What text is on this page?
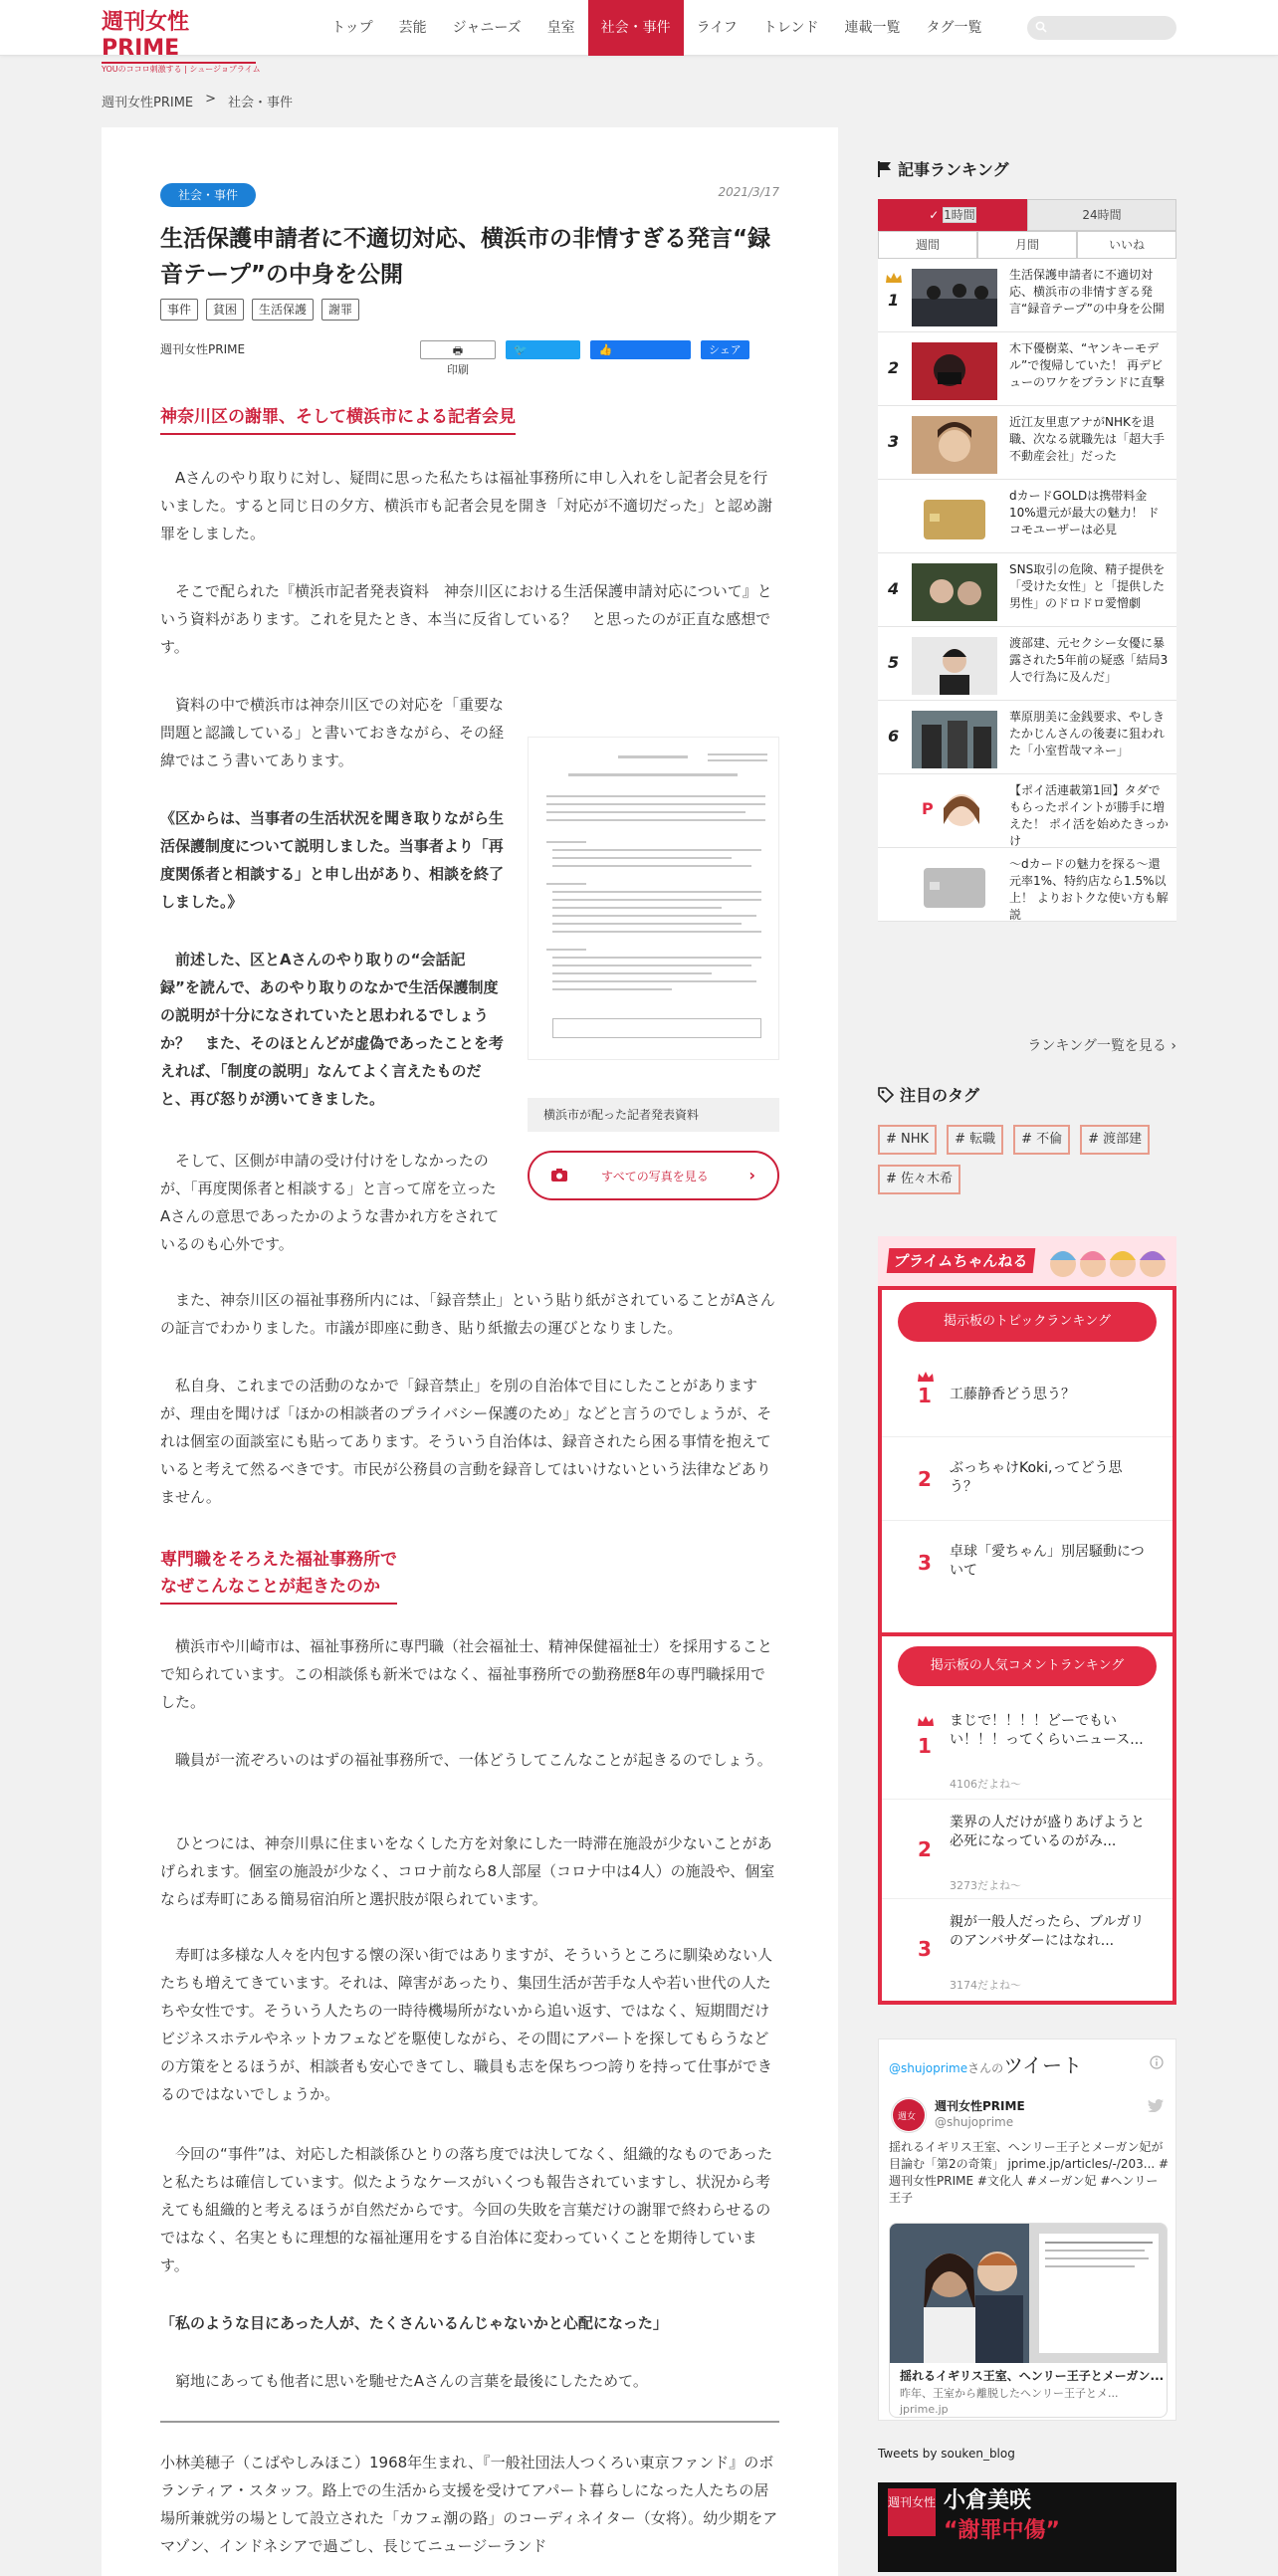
週刊女性PRIME
YOUのココロ刺激する | シュージョプライム
トップ	芸能	ジャニーズ	皇室	社会・事件	ライフ	トレンド	連載一覧	タグ一覧
週刊女性PRIME > 社会・事件
社会・事件	2021/3/17
生活保護申請者に不適切対応、横浜市の非情すぎる発言“録音テープ”の中身を公開
事件	貧困	生活保護	謝罪
週刊女性PRIME	🖶
印刷
🐦
ツイート
👍
いいね！ 288
シェア
神奈川区の謝罪、そして横浜市による記者会見

Aさんのやり取りに対し、疑問に思った私たちは福祉事務所に申し入れをし記者会見を行いました。すると同じ日の夕方、横浜市も記者会見を開き「対応が不適切だった」と認め謝罪をしました。

そこで配られた『横浜市記者発表資料　神奈川区における生活保護申請対応について』という資料があります。これを見たとき、本当に反省している？　と思ったのが正直な感想です。

資料の中で横浜市は神奈川区での対応を「重要な問題と認識している」と書いておきながら、その経緯ではこう書いてあります。

《区からは、当事者の生活状況を聞き取りながら生活保護制度について説明しました。当事者より「再度関係者と相談する」と申し出があり、相談を終了しました。》

前述した、区とAさんのやり取りの“会話記録”を読んで、あのやり取りのなかで生活保護制度の説明が十分になされていたと思われるでしょうか？　また、そのほとんどが虚偽であったことを考えれば、「制度の説明」なんてよく言えたものだと、再び怒りが湧いてきました。

そして、区側が申請の受け付けをしなかったのが、「再度関係者と相談する」と言って席を立ったAさんの意思であったかのような書かれ方をされているのも心外です。

横浜市が配った記者発表資料
すべての写真を見る	›

また、神奈川区の福祉事務所内には、「録音禁止」という貼り紙がされていることがAさんの証言でわかりました。市議が即座に動き、貼り紙撤去の運びとなりました。

私自身、これまでの活動のなかで「録音禁止」を別の自治体で目にしたことがありますが、理由を聞けば「ほかの相談者のプライバシー保護のため」などと言うのでしょうが、それは個室の面談室にも貼ってあります。そういう自治体は、録音されたら困る事情を抱えていると考えて然るべきです。市民が公務員の言動を録音してはいけないという法律などありません。

専門職をそろえた福祉事務所で
なぜこんなことが起きたのか

横浜市や川崎市は、福祉事務所に専門職（社会福祉士、精神保健福祉士）を採用することで知られています。この相談係も新米ではなく、福祉事務所での勤務歴8年の専門職採用でした。

職員が一流ぞろいのはずの福祉事務所で、一体どうしてこんなことが起きるのでしょう。

ひとつには、神奈川県に住まいをなくした方を対象にした一時滞在施設が少ないことがあげられます。個室の施設が少なく、コロナ前なら8人部屋（コロナ中は4人）の施設や、個室ならば寿町にある簡易宿泊所と選択肢が限られています。

寿町は多様な人々を内包する懐の深い街ではありますが、そういうところに馴染めない人たちも増えてきています。それは、障害があったり、集団生活が苦手な人や若い世代の人たちや女性です。そういう人たちの一時待機場所がないから追い返す、ではなく、短期間だけビジネスホテルやネットカフェなどを駆使しながら、その間にアパートを探してもらうなどの方策をとるほうが、相談者も安心できてし、職員も志を保ちつつ誇りを持って仕事ができるのではないでしょうか。

今回の“事件”は、対応した相談係ひとりの落ち度では決してなく、組織的なものであったと私たちは確信しています。似たようなケースがいくつも報告されていますし、状況から考えても組織的と考えるほうが自然だからです。今回の失敗を言葉だけの謝罪で終わらせるのではなく、名実ともに理想的な福祉運用をする自治体に変わっていくことを期待しています。

「私のような目にあった人が、たくさんいるんじゃないかと心配になった」

窮地にあっても他者に思いを馳せたAさんの言葉を最後にしたためて。

小林美穂子（こばやしみほこ）1968年生まれ、『一般社団法人つくろい東京ファンド』のボランティア・スタッフ。路上での生活から支援を受けてアパート暮らしになった人たちの居場所兼就労の場として設立された「カフェ潮の路」のコーディネイター（女将）。幼少期をアマゾン、インドネシアで過ごし、長じてニュージーランド

記事ランキング
✓ 1時間	24時間
週間	月間	いいね
1
生活保護申請者に不適切対応、横浜市の非情すぎる発言“録音テープ”の中身を公開
2
木下優樹菜、“ヤンキーモデル”で復帰していた！ 再デビューのワケをブランドに直撃
3
近江友里恵アナがNHKを退職、次なる就職先は「超大手不動産会社」だった
dカードGOLDは携帯料金10%還元が最大の魅力！ ドコモユーザーは必見
4
SNS取引の危険、精子提供を「受けた女性」と「提供した男性」のドロドロ愛憎劇
5
渡部建、元セクシー女優に暴露された5年前の疑惑「結局3人で行為に及んだ」
6
華原朋美に金銭要求、やしきたかじんさんの後妻に狙われた「小室哲哉マネー」
P
【ポイ活連載第1回】タダでもらったポイントが勝手に増えた！ ポイ活を始めたきっかけ
〜dカードの魅力を探る〜還元率1%、特約店なら1.5%以上！ よりおトクな使い方も解説
ランキング一覧を見る ›
注目のタグ
# NHK	# 転職	# 不倫	# 渡部建
# 佐々木希
プライムちゃんねる
掲示板のトピックランキング
1 工藤静香どう思う？
2 ぶっちゃけKoki,ってどう思う？
3 卓球「愛ちゃん」別居騒動について
掲示板の人気コメントランキング
1
まじで！！！！どーでもいい！！！ってくらいニュース...
4106だよね〜
2
業界の人だけが盛りあげようと必死になっているのがみ...
3273だよね〜
3
親が一般人だったら、ブルガリのアンバサダーにはなれ...
3174だよね〜
@shujoprimeさんのツイート
週女
週刊女性PRIME
@shujoprime

揺れるイギリス王室、ヘンリー王子とメーガン妃が目論む「第2の奇策」 jprime.jp/articles/-/203... #週刊女性PRIME #文化人 #メーガン妃 #ヘンリー王子

揺れるイギリス王室、ヘンリー王子とメーガン...
昨年、王室から離脱したヘンリー王子とメ...
jprime.jp
Tweets by souken_blog
週刊女性 小倉美咲
“謝罪中傷”
